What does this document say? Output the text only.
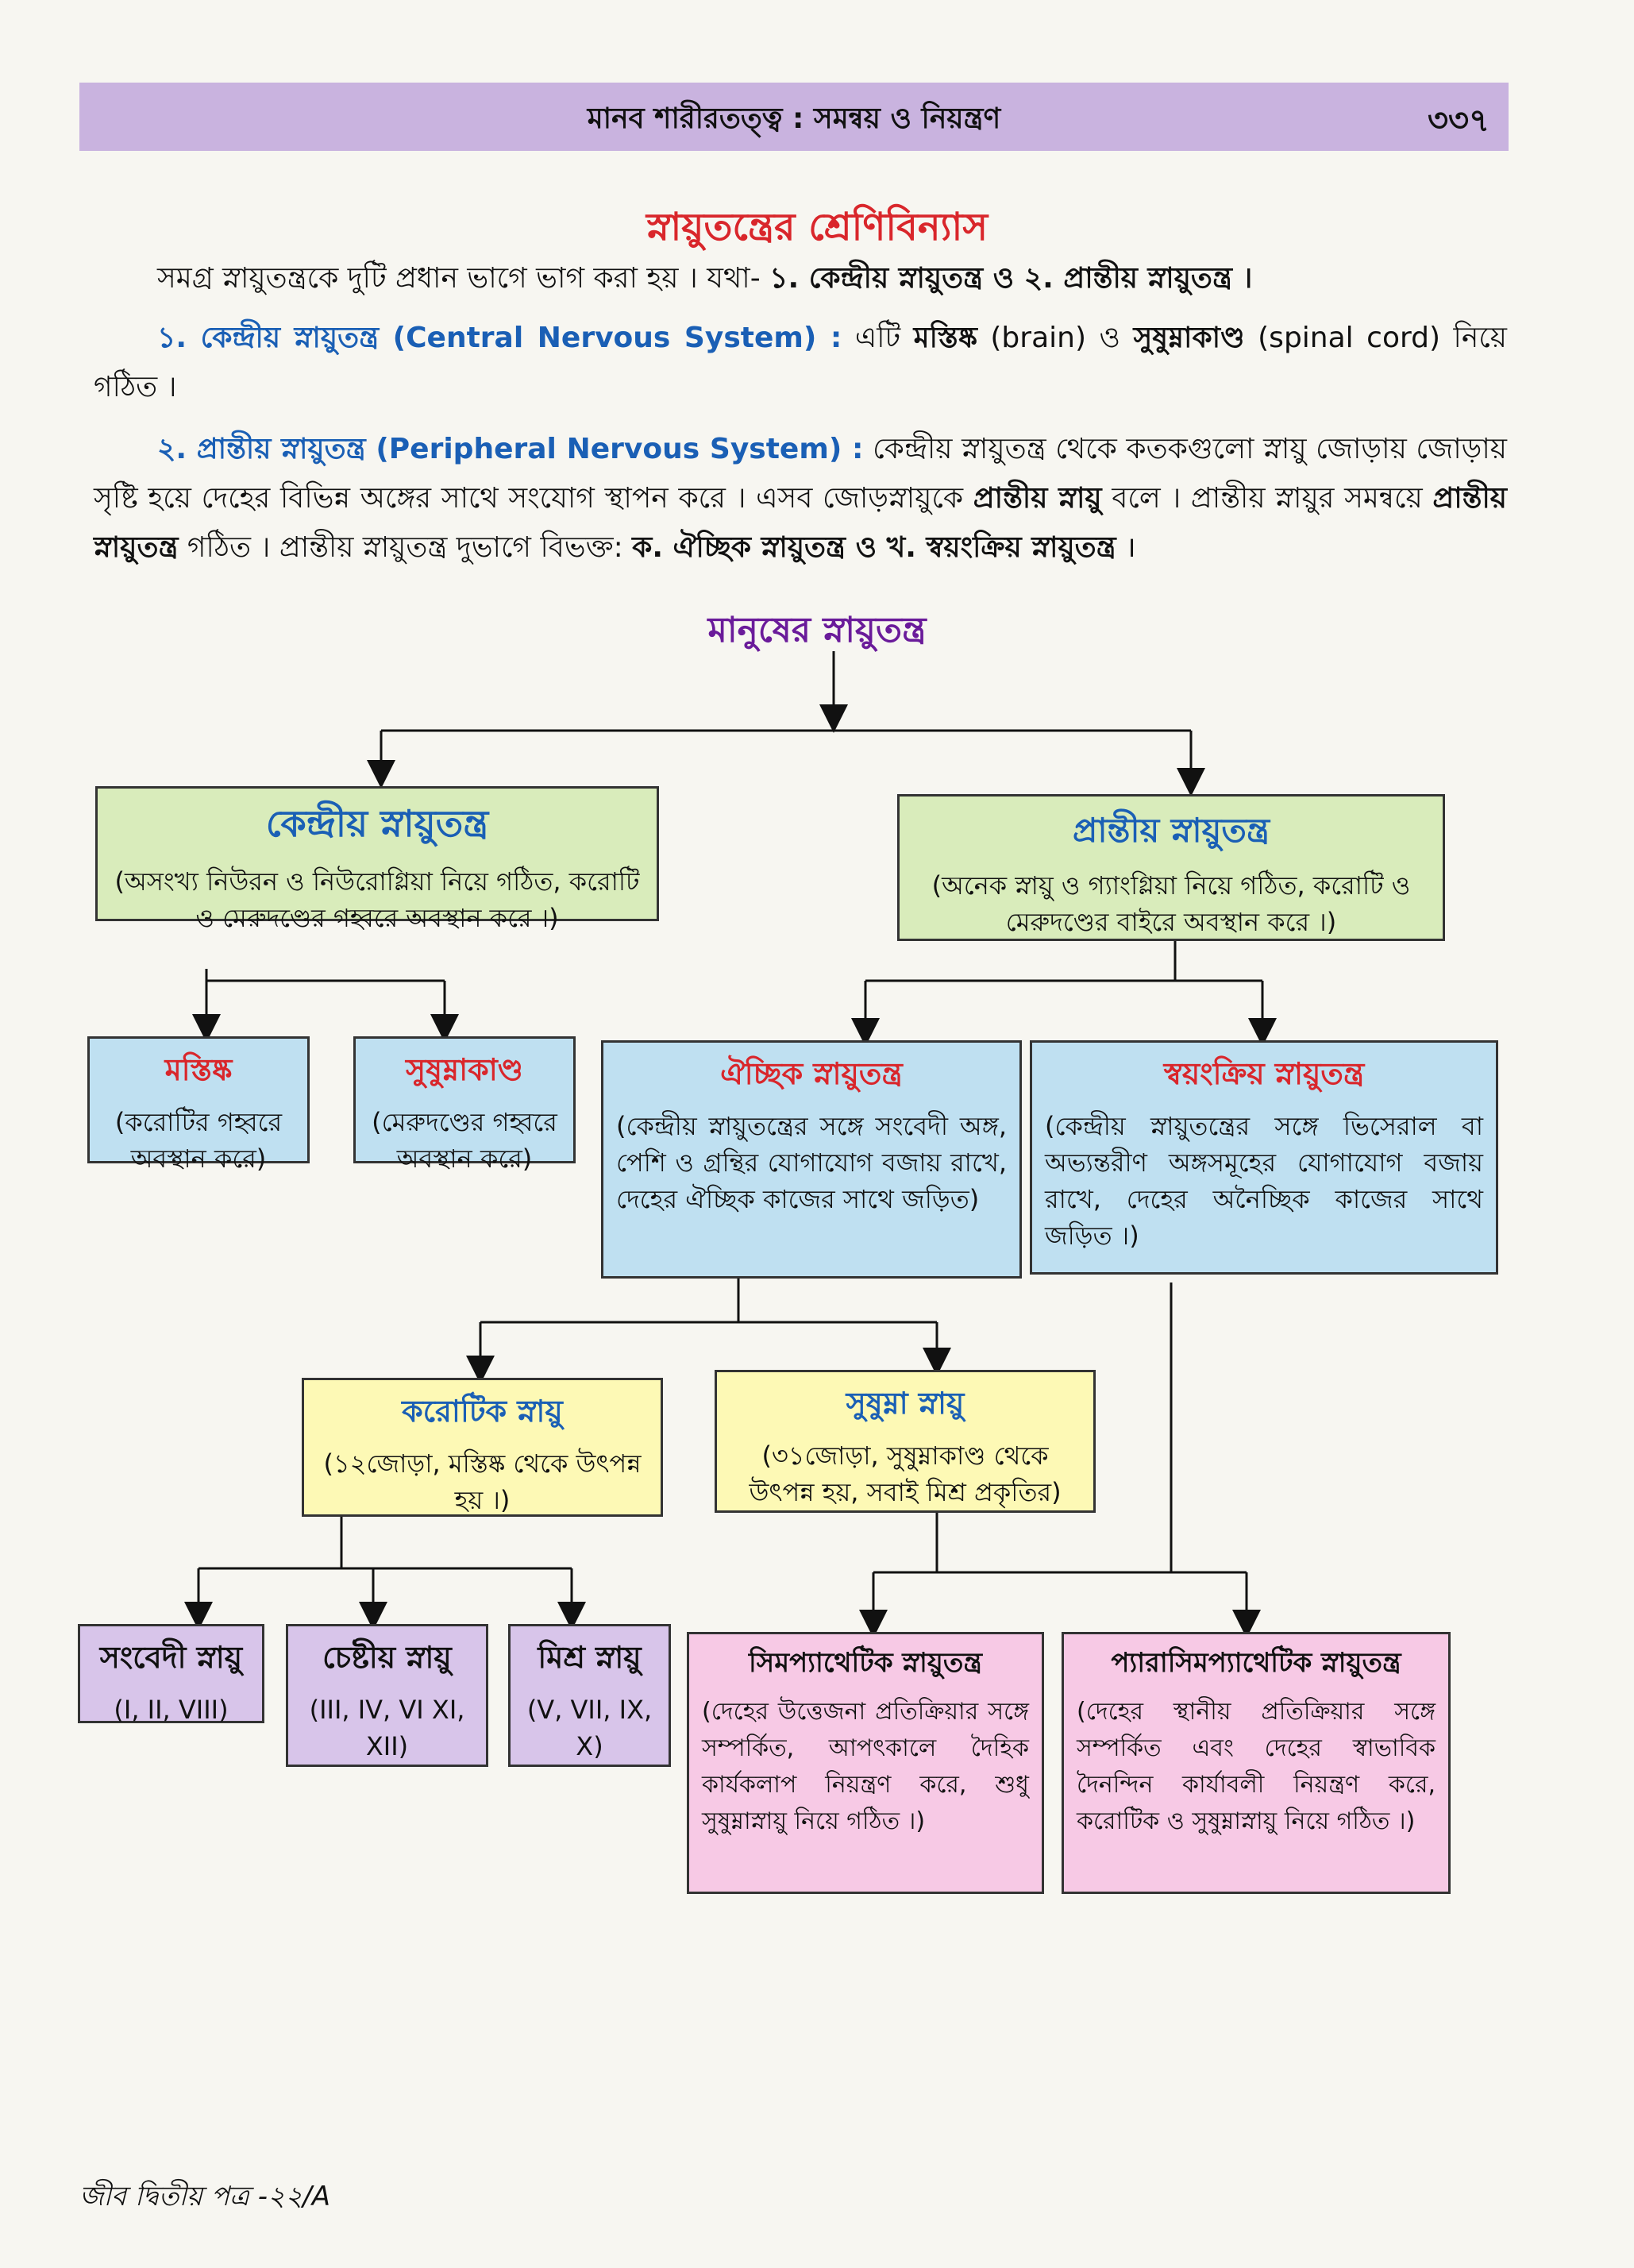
মানব শারীরতত্ত্ব : সমন্বয় ও নিয়ন্ত্রণ	৩৩৭
স্নায়ুতন্ত্রের শ্রেণিবিন্যাস
সমগ্র স্নায়ুতন্ত্রকে দুটি প্রধান ভাগে ভাগ করা হয় । যথা- ১. কেন্দ্রীয় স্নায়ুতন্ত্র ও ২. প্রান্তীয় স্নায়ুতন্ত্র ।
১. কেন্দ্রীয় স্নায়ুতন্ত্র (Central Nervous System) : এটি মস্তিষ্ক (brain) ও সুষুম্নাকাণ্ড (spinal cord) নিয়ে গঠিত ।
২. প্রান্তীয় স্নায়ুতন্ত্র (Peripheral Nervous System) : কেন্দ্রীয় স্নায়ুতন্ত্র থেকে কতকগুলো স্নায়ু জোড়ায় জোড়ায় সৃষ্টি হয়ে দেহের বিভিন্ন অঙ্গের সাথে সংযোগ স্থাপন করে । এসব জোড়স্নায়ুকে প্রান্তীয় স্নায়ু বলে । প্রান্তীয় স্নায়ুর সমন্বয়ে প্রান্তীয় স্নায়ুতন্ত্র গঠিত । প্রান্তীয় স্নায়ুতন্ত্র দুভাগে বিভক্ত: ক. ঐচ্ছিক স্নায়ুতন্ত্র ও খ. স্বয়ংক্রিয় স্নায়ুতন্ত্র ।
মানুষের স্নায়ুতন্ত্র
কেন্দ্রীয় স্নায়ুতন্ত্র
(অসংখ্য নিউরন ও নিউরোগ্লিয়া নিয়ে গঠিত, করোটি ও মেরুদণ্ডের গহ্বরে অবস্থান করে ।)
প্রান্তীয় স্নায়ুতন্ত্র
(অনেক স্নায়ু ও গ্যাংগ্লিয়া নিয়ে গঠিত, করোটি ও মেরুদণ্ডের বাইরে অবস্থান করে ।)
মস্তিষ্ক
(করোটির গহ্বরে অবস্থান করে)
সুষুম্নাকাণ্ড
(মেরুদণ্ডের গহ্বরে অবস্থান করে)
ঐচ্ছিক স্নায়ুতন্ত্র
(কেন্দ্রীয় স্নায়ুতন্ত্রের সঙ্গে সংবেদী অঙ্গ, পেশি ও গ্রন্থির যোগাযোগ বজায় রাখে, দেহের ঐচ্ছিক কাজের সাথে জড়িত)
স্বয়ংক্রিয় স্নায়ুতন্ত্র
(কেন্দ্রীয় স্নায়ুতন্ত্রের সঙ্গে ভিসেরাল বা অভ্যন্তরীণ অঙ্গসমূহের যোগাযোগ বজায় রাখে, দেহের অনৈচ্ছিক কাজের সাথে জড়িত ।)
করোটিক স্নায়ু
(১২জোড়া, মস্তিষ্ক থেকে উৎপন্ন হয় ।)
সুষুম্না স্নায়ু
(৩১জোড়া, সুষুম্নাকাণ্ড থেকে উৎপন্ন হয়, সবাই মিশ্র প্রকৃতির)
সংবেদী স্নায়ু
(I, II, VIII)
চেষ্টীয় স্নায়ু
(III, IV, VI XI, XII)
মিশ্র স্নায়ু
(V, VII, IX, X)
সিমপ্যাথেটিক স্নায়ুতন্ত্র
(দেহের উত্তেজনা প্রতিক্রিয়ার সঙ্গে সম্পর্কিত, আপৎকালে দৈহিক কার্যকলাপ নিয়ন্ত্রণ করে, শুধু সুষুম্নাস্নায়ু নিয়ে গঠিত ।)
প্যারাসিমপ্যাথেটিক স্নায়ুতন্ত্র
(দেহের স্থানীয় প্রতিক্রিয়ার সঙ্গে সম্পর্কিত এবং দেহের স্বাভাবিক দৈনন্দিন কার্যাবলী নিয়ন্ত্রণ করে, করোটিক ও সুষুম্নাস্নায়ু নিয়ে গঠিত ।)
জীব দ্বিতীয় পত্র -২২/A
